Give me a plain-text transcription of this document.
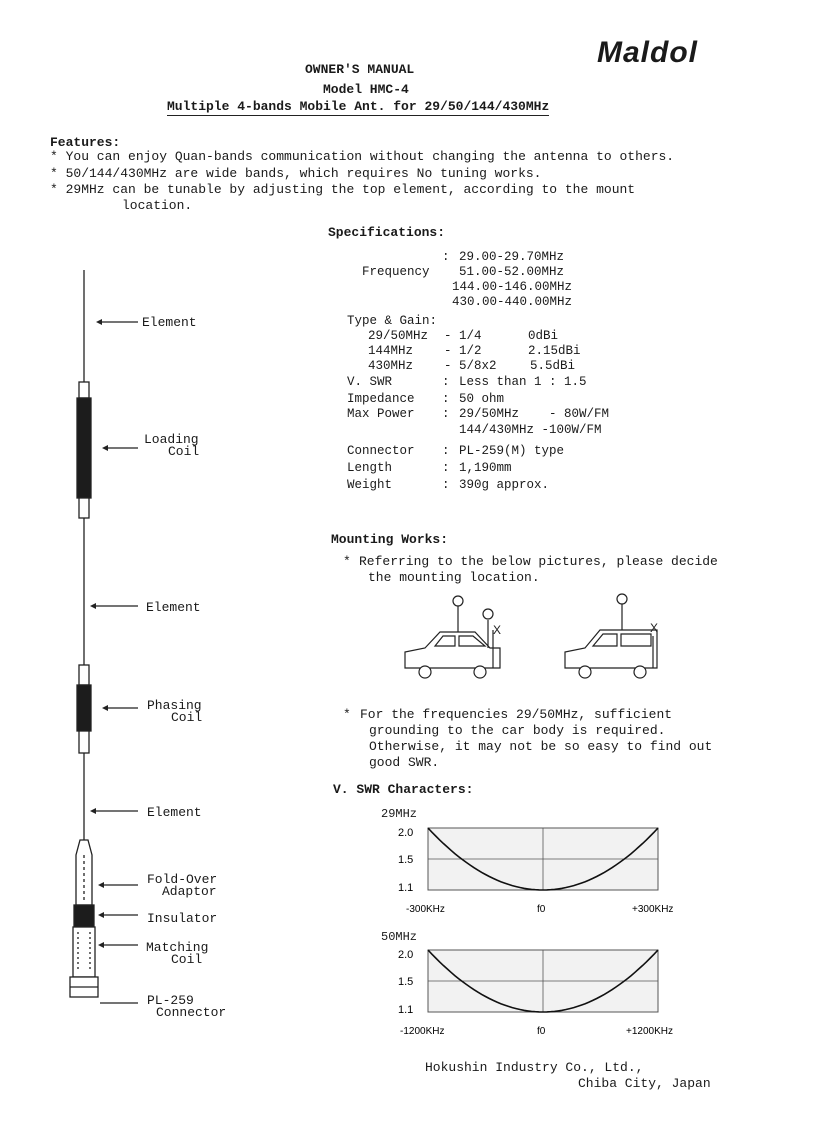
Maldol
OWNER'S MANUAL
Model HMC-4
Multiple 4-bands Mobile Ant. for 29/50/144/430MHz
Features:
* You can enjoy Quan-bands communication without changing the antenna to others.
* 50/144/430MHz are wide bands, which requires No tuning works.
* 29MHz can be tunable by adjusting the top element, according to the mount
location.
Specifications:

Frequency

: 29.00-29.70MHz
51.00-52.00MHz
144.00-146.00MHz
430.00-440.00MHz
Type & Gain:
29/50MHz - 1/4	0dBi
144MHz - 1/2	2.15dBi
430MHz - 5/8x2	5.5dBi
V. SWR	: Less than 1 : 1.5
Impedance : 50 ohm
Max Power : 29/50MHz    - 80W/FM
144/430MHz -100W/FM
Connector : PL-259(M) type
Length	: 1,190mm
Weight	: 390g approx.
Element
Loading
Coil
Element
Phasing
Coil
Element
Fold-Over
Adaptor
Insulator
Matching
Coil
PL-259
Connector
Mounting Works:
* Referring to the below pictures, please decide
the mounting location.
X	X
* For the frequencies 29/50MHz, sufficient
grounding to the car body is required.
Otherwise, it may not be so easy to find out
good SWR.
V. SWR Characters:
29MHz
2.0
1.5
1.1
-300KHz	f0	+300KHz
50MHz
2.0
1.5
1.1
-1200KHz	f0	+1200KHz
Hokushin Industry Co., Ltd.,
Chiba City, Japan
